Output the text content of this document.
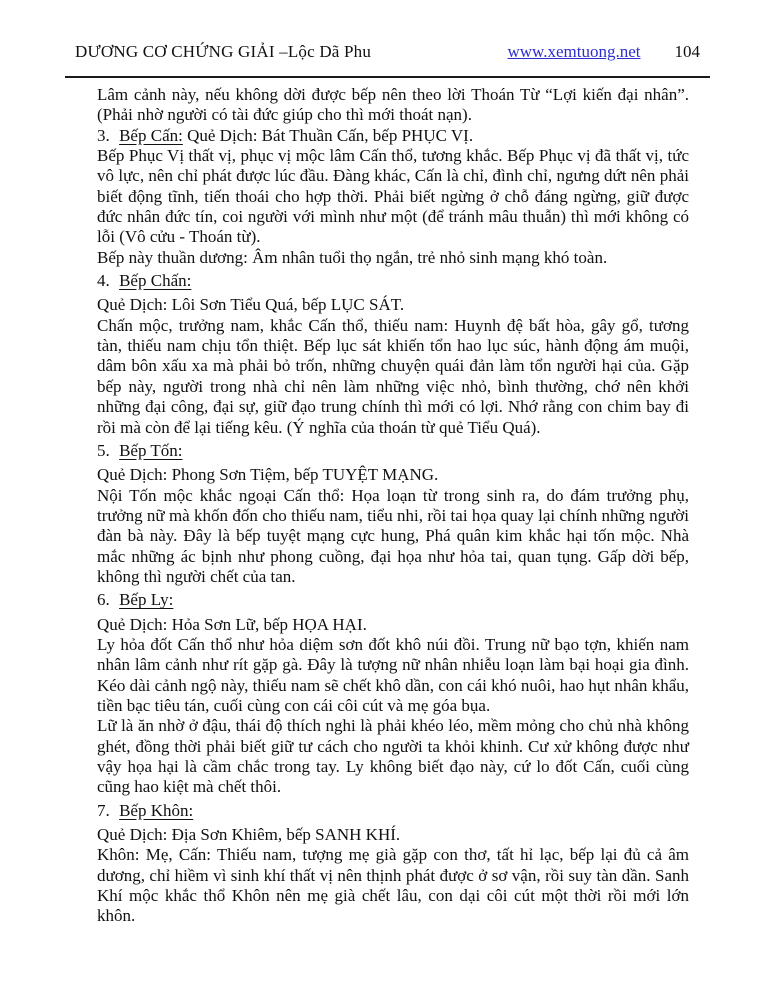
DƯƠNG CƠ CHỨNG GIẢI –Lộc Dã Phu	www.xemtuong.net 104

Lâm cảnh này, nếu không dời được bếp nên theo lời Thoán Từ “Lợi kiến đại nhân”. (Phải nhờ người có tài đức giúp cho thì mới thoát nạn).

3. Bếp Cấn: Quẻ Dịch: Bát Thuần Cấn, bếp PHỤC VỊ.

Bếp Phục Vị thất vị, phục vị mộc lâm Cấn thổ, tương khắc. Bếp Phục vị đã thất vị, tức vô lực, nên chỉ phát được lúc đầu. Đàng khác, Cấn là chỉ, đình chỉ, ngưng dứt nên phải biết động tĩnh, tiến thoái cho hợp thời. Phải biết ngừng ở chỗ đáng ngừng, giữ được đức nhân đức tín, coi người với mình như một (để tránh mâu thuẫn) thì mới không có lỗi (Vô cửu - Thoán từ).

Bếp này thuần dương: Âm nhân tuổi thọ ngắn, trẻ nhỏ sinh mạng khó toàn.

4. Bếp Chấn:

Quẻ Dịch: Lôi Sơn Tiểu Quá, bếp LỤC SÁT.

Chấn mộc, trưởng nam, khắc Cấn thổ, thiếu nam: Huynh đệ bất hòa, gây gổ, tương tàn, thiếu nam chịu tổn thiệt. Bếp lục sát khiến tổn hao lục súc, hành động ám muội, dâm bôn xấu xa mà phải bỏ trốn, những chuyện quái đản làm tổn người hại của. Gặp bếp này, người trong nhà chỉ nên làm những việc nhỏ, bình thường, chớ nên khởi những đại công, đại sự, giữ đạo trung chính thì mới có lợi. Nhớ rằng con chim bay đi rồi mà còn để lại tiếng kêu. (Ý nghĩa của thoán từ quẻ Tiểu Quá).

5. Bếp Tốn:

Quẻ Dịch: Phong Sơn Tiệm, bếp TUYỆT MẠNG.

Nội Tốn mộc khắc ngoại Cấn thổ: Họa loạn từ trong sinh ra, do đám trưởng phụ, trưởng nữ mà khốn đốn cho thiếu nam, tiểu nhi, rồi tai họa quay lại chính những người đàn bà này. Đây là bếp tuyệt mạng cực hung, Phá quân kim khắc hại tốn mộc. Nhà mắc những ác bịnh như phong cuồng, đại họa như hỏa tai, quan tụng. Gấp dời bếp, không thì người chết của tan.

6. Bếp Ly:

Quẻ Dịch: Hỏa Sơn Lữ, bếp HỌA HẠI.

Ly hỏa đốt Cấn thổ như hỏa diệm sơn đốt khô núi đồi. Trung nữ bạo tợn, khiến nam nhân lâm cảnh như rít gặp gà. Đây là tượng nữ nhân nhiễu loạn làm bại hoại gia đình. Kéo dài cảnh ngộ này, thiếu nam sẽ chết khô dần, con cái khó nuôi, hao hụt nhân khẩu, tiền bạc tiêu tán, cuối cùng con cái côi cút và mẹ góa bụa.

Lữ là ăn nhờ ở đậu, thái độ thích nghi là phải khéo léo, mềm mỏng cho chủ nhà không ghét, đồng thời phải biết giữ tư cách cho người ta khỏi khinh. Cư xử không được như vậy họa hại là cầm chắc trong tay. Ly không biết đạo này, cứ lo đốt Cấn, cuối cùng cũng hao kiệt mà chết thôi.

7. Bếp Khôn:

Quẻ Dịch: Địa Sơn Khiêm, bếp SANH KHÍ.

Khôn: Mẹ, Cấn: Thiếu nam, tượng mẹ già gặp con thơ, tất hỉ lạc, bếp lại đủ cả âm dương, chỉ hiềm vì sinh khí thất vị nên thịnh phát được ở sơ vận, rồi suy tàn dần. Sanh Khí mộc khắc thổ Khôn nên mẹ già chết lâu, con dại côi cút một thời rồi mới lớn khôn.
